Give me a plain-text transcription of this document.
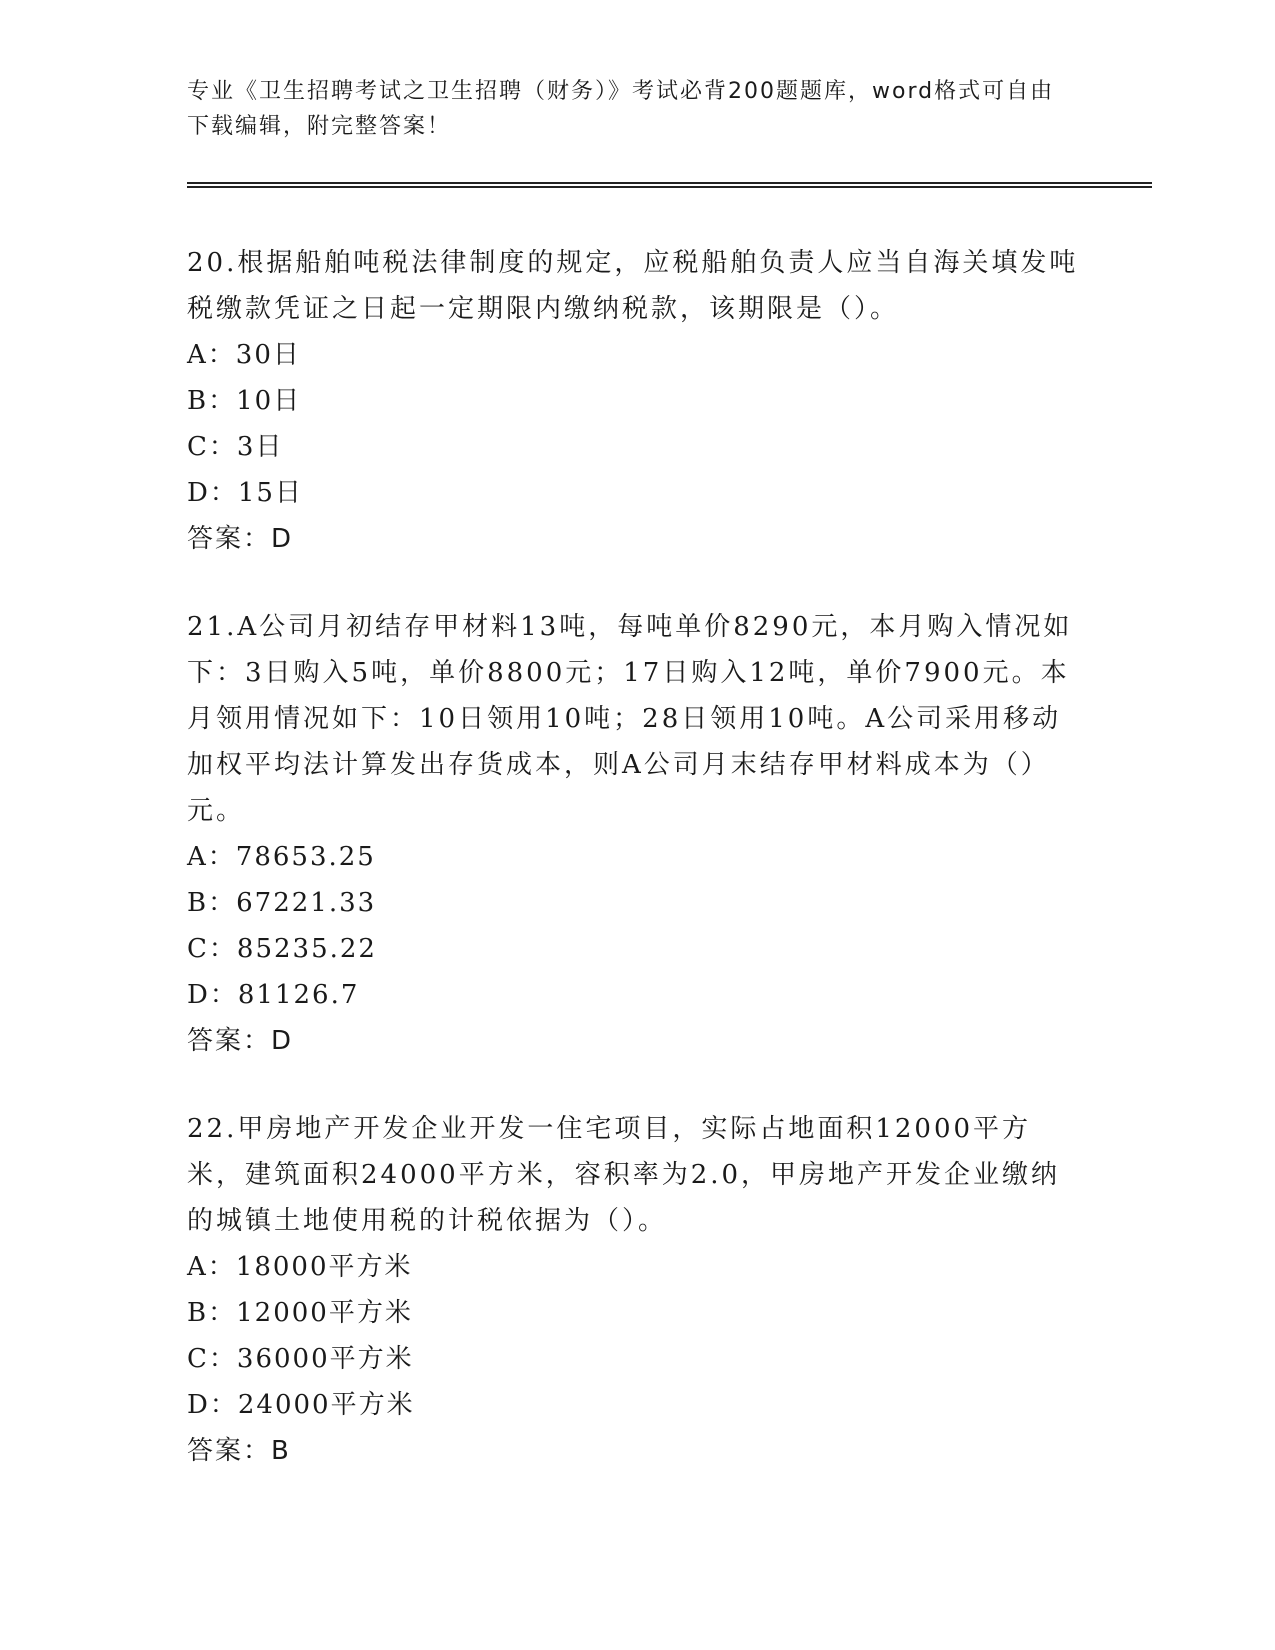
专业《卫生招聘考试之卫生招聘（财务）》考试必背200题题库，word格式可自由下载编辑，附完整答案！

20.根据船舶吨税法律制度的规定，应税船舶负责人应当自海关填发吨税缴款凭证之日起一定期限内缴纳税款，该期限是（）。

A： 30日

B： 10日

C： 3日

D： 15日

答案：D

21.A公司月初结存甲材料13吨，每吨单价8290元，本月购入情况如下：3日购入5吨，单价8800元；17日购入12吨，单价7900元。本月领用情况如下：10日领用10吨；28日领用10吨。A公司采用移动加权平均法计算发出存货成本，则A公司月末结存甲材料成本为（）元。

A： 78653.25

B： 67221.33

C： 85235.22

D： 81126.7

答案：D

22.甲房地产开发企业开发一住宅项目，实际占地面积12000平方米，建筑面积24000平方米，容积率为2.0，甲房地产开发企业缴纳的城镇土地使用税的计税依据为（）。

A： 18000平方米

B： 12000平方米

C： 36000平方米

D： 24000平方米

答案：B
